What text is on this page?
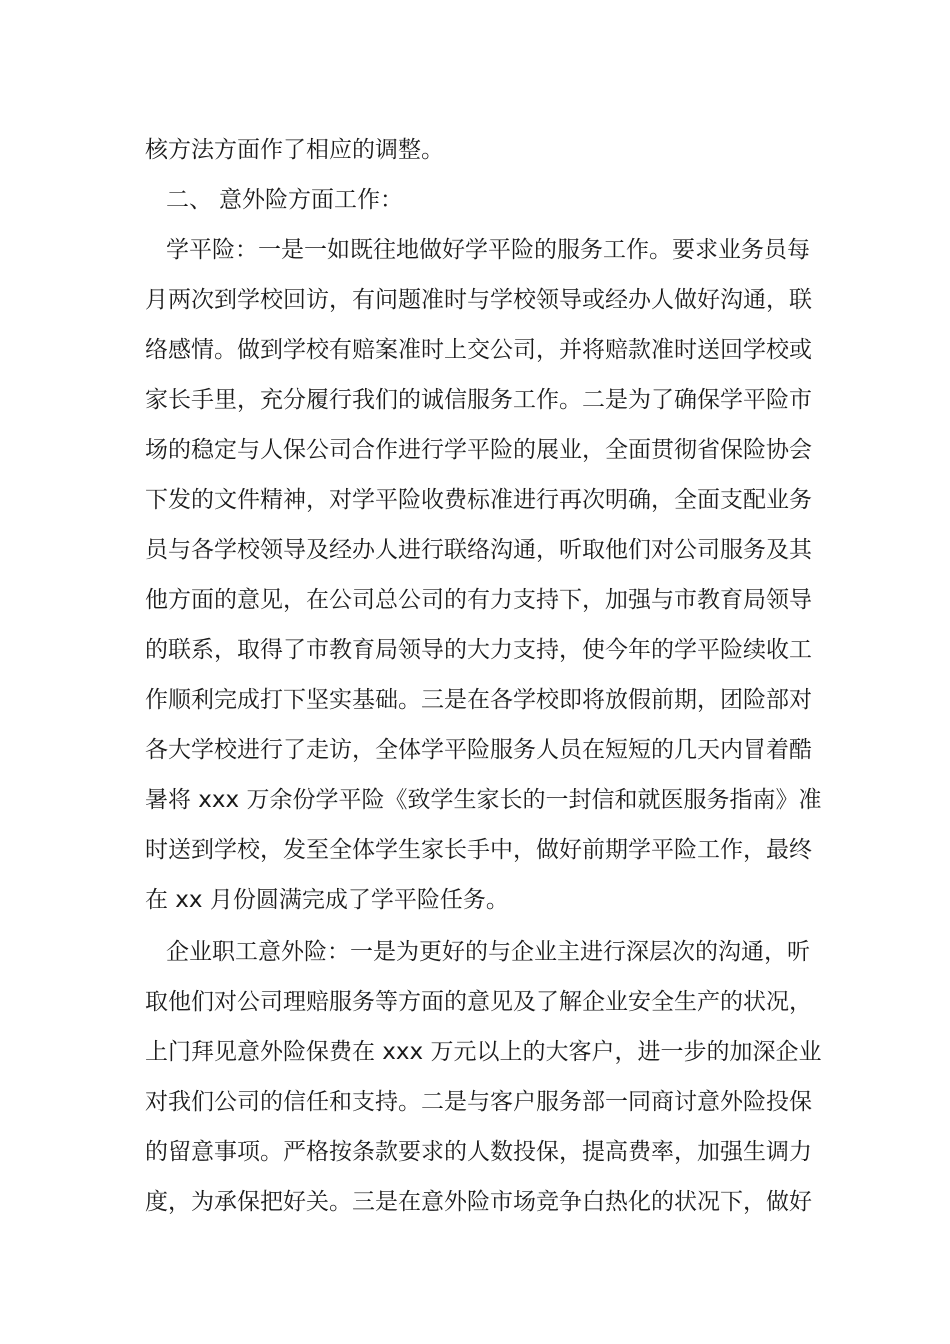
核方法方面作了相应的调整。
二、 意外险方面工作：
学平险：一是一如既往地做好学平险的服务工作。要求业务员每
月两次到学校回访，有问题准时与学校领导或经办人做好沟通，联
络感情。做到学校有赔案准时上交公司，并将赔款准时送回学校或
家长手里，充分履行我们的诚信服务工作。二是为了确保学平险市
场的稳定与人保公司合作进行学平险的展业，全面贯彻省保险协会
下发的文件精神，对学平险收费标准进行再次明确，全面支配业务
员与各学校领导及经办人进行联络沟通，听取他们对公司服务及其
他方面的意见，在公司总公司的有力支持下，加强与市教育局领导
的联系，取得了市教育局领导的大力支持，使今年的学平险续收工
作顺利完成打下坚实基础。三是在各学校即将放假前期，团险部对
各大学校进行了走访，全体学平险服务人员在短短的几天内冒着酷
暑将 xxx 万余份学平险《致学生家长的一封信和就医服务指南》准
时送到学校，发至全体学生家长手中，做好前期学平险工作，最终
在 xx 月份圆满完成了学平险任务。
企业职工意外险：一是为更好的与企业主进行深层次的沟通，听
取他们对公司理赔服务等方面的意见及了解企业安全生产的状况，
上门拜见意外险保费在 xxx 万元以上的大客户，进一步的加深企业
对我们公司的信任和支持。二是与客户服务部一同商讨意外险投保
的留意事项。严格按条款要求的人数投保，提高费率，加强生调力
度，为承保把好关。三是在意外险市场竞争白热化的状况下，做好
